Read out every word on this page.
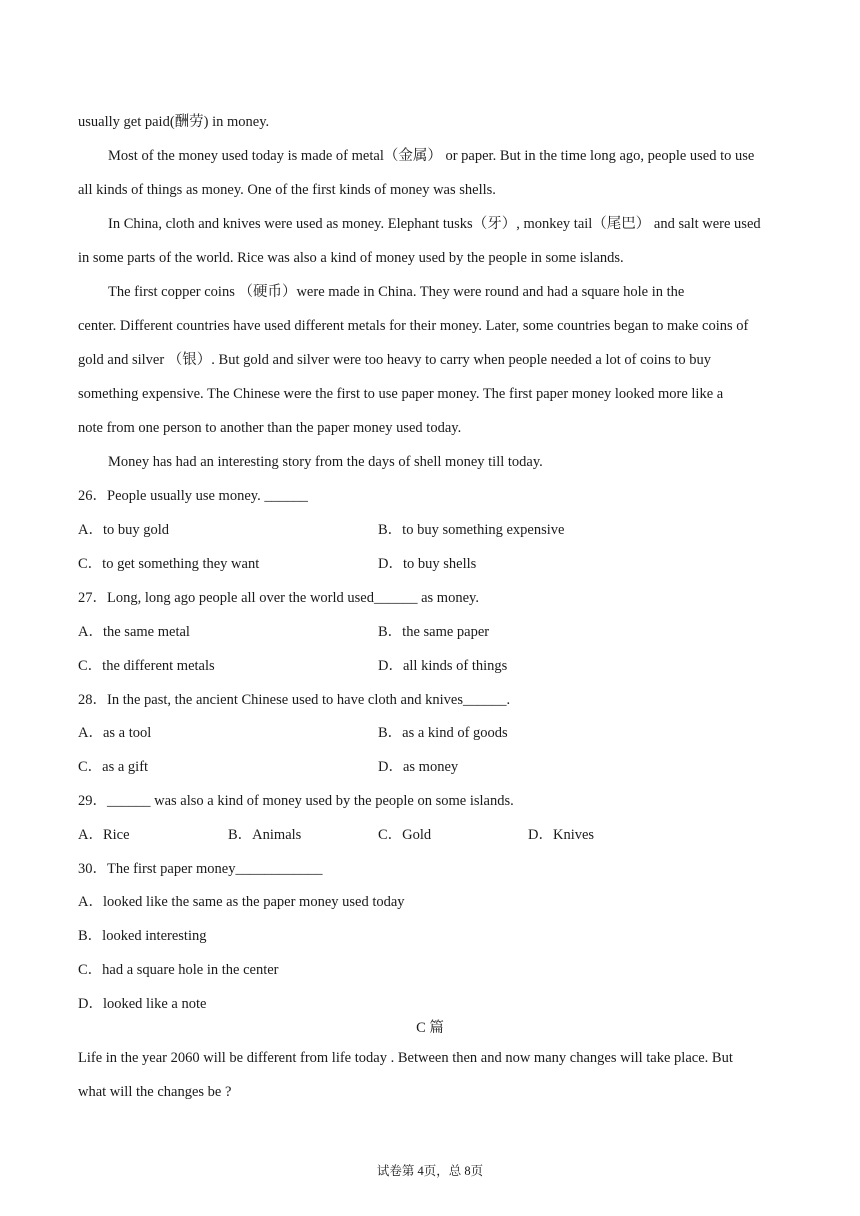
usually get paid(酬劳) in money.
Most of the money used today is made of metal（金属） or paper. But in the time long ago, people used to use
all kinds of things as money. One of the first kinds of money was shells.
In China, cloth and knives were used as money. Elephant tusks（牙）, monkey tail（尾巴） and salt were used
in some parts of the world. Rice was also a kind of money used by the people in some islands.
The first copper coins （硬币）were made in China. They were round and had a square hole in the
center. Different countries have used different metals for their money. Later, some countries began to make coins of
gold and silver （银）. But gold and silver were too heavy to carry when people needed a lot of coins to buy
something expensive. The Chinese were the first to use paper money. The first paper money looked more like a
note from one person to another than the paper money used today.
Money has had an interesting story from the days of shell money till today.
26．People usually use money. ______
A．to buy gold	B．to buy something expensive
C．to get something they want	D．to buy shells
27．Long, long ago people all over the world used______ as money.
A．the same metal	B．the same paper
C．the different metals	D．all kinds of things
28．In the past, the ancient Chinese used to have cloth and knives______.
A．as a tool	B．as a kind of goods
C．as a gift	D．as money
29．______ was also a kind of money used by the people on some islands.
A．Rice	B．Animals	C．Gold	D．Knives
30．The first paper money____________
A．looked like the same as the paper money used today
B．looked interesting
C．had a square hole in the center
D．looked like a note
C 篇
Life in the year 2060 will be different from life today . Between then and now many changes will take place. But
what will the changes be ?
试卷第 4页，总 8页
